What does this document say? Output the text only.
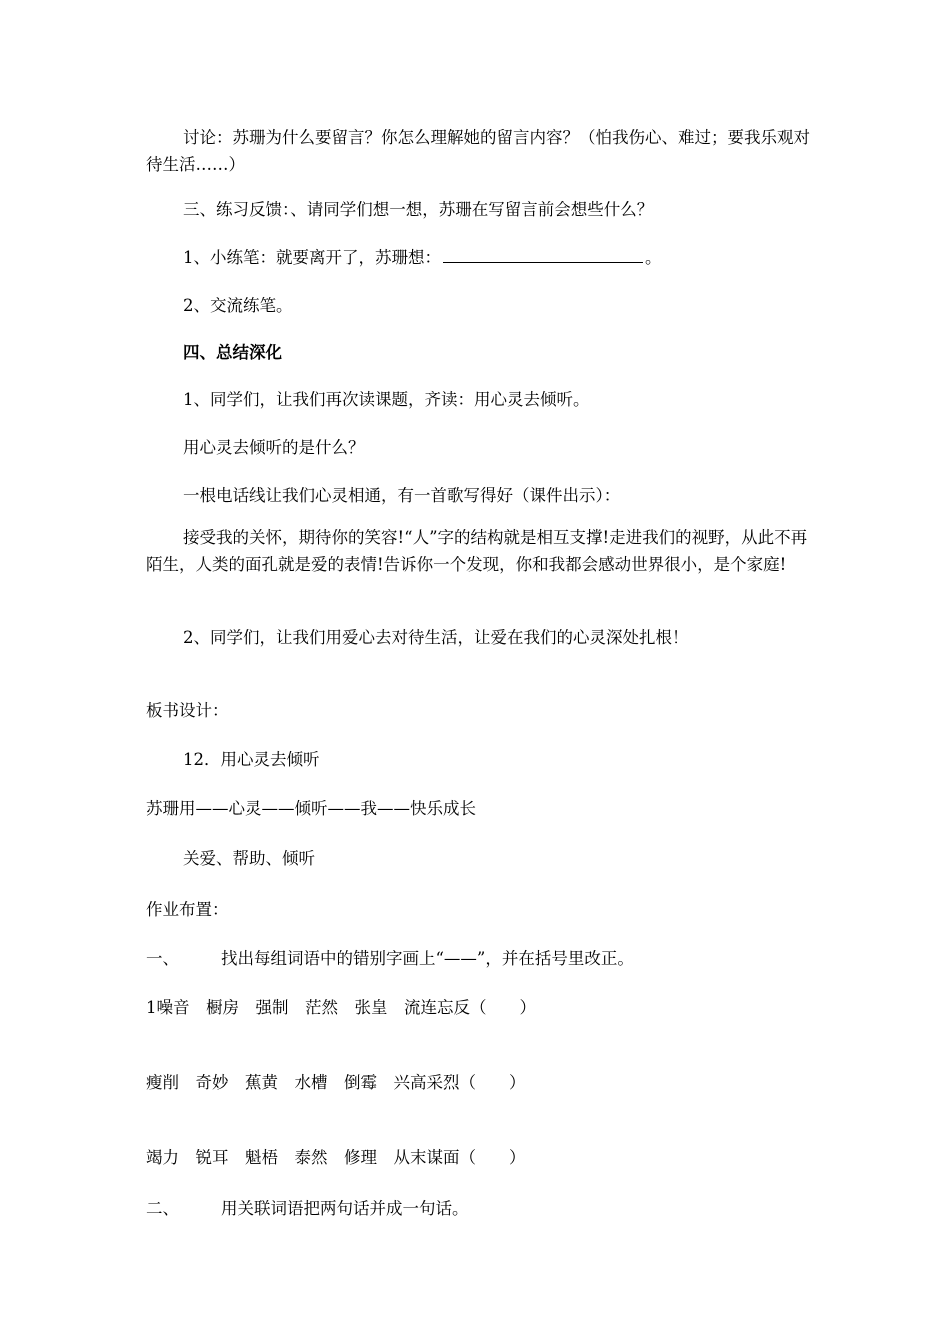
讨论：苏珊为什么要留言？你怎么理解她的留言内容？（怕我伤心、难过；要我乐观对待生活……）
三、练习反馈：、请同学们想一想，苏珊在写留言前会想些什么？
1、小练笔：就要离开了，苏珊想：	。
2、交流练笔。
四、总结深化
1、同学们，让我们再次读课题，齐读：用心灵去倾听。
用心灵去倾听的是什么？
一根电话线让我们心灵相通，有一首歌写得好（课件出示）：
接受我的关怀，期待你的笑容!“人”字的结构就是相互支撑!走进我们的视野，从此不再陌生，人类的面孔就是爱的表情!告诉你一个发现，你和我都会感动世界很小，是个家庭!
2、同学们，让我们用爱心去对待生活，让爱在我们的心灵深处扎根！
板书设计：
12．用心灵去倾听
苏珊用——心灵——倾听——我——快乐成长
关爱、帮助、倾听
作业布置：
一、	找出每组词语中的错别字画上“——”，并在括号里改正。
1噪音　橱房　强制　茫然　张皇　流连忘反（　　）
瘦削　奇妙　蕉黄　水槽　倒霉　兴高采烈（　　）
竭力　锐耳　魁梧　泰然　修理　从末谋面（　　）
二、	用关联词语把两句话并成一句话。
